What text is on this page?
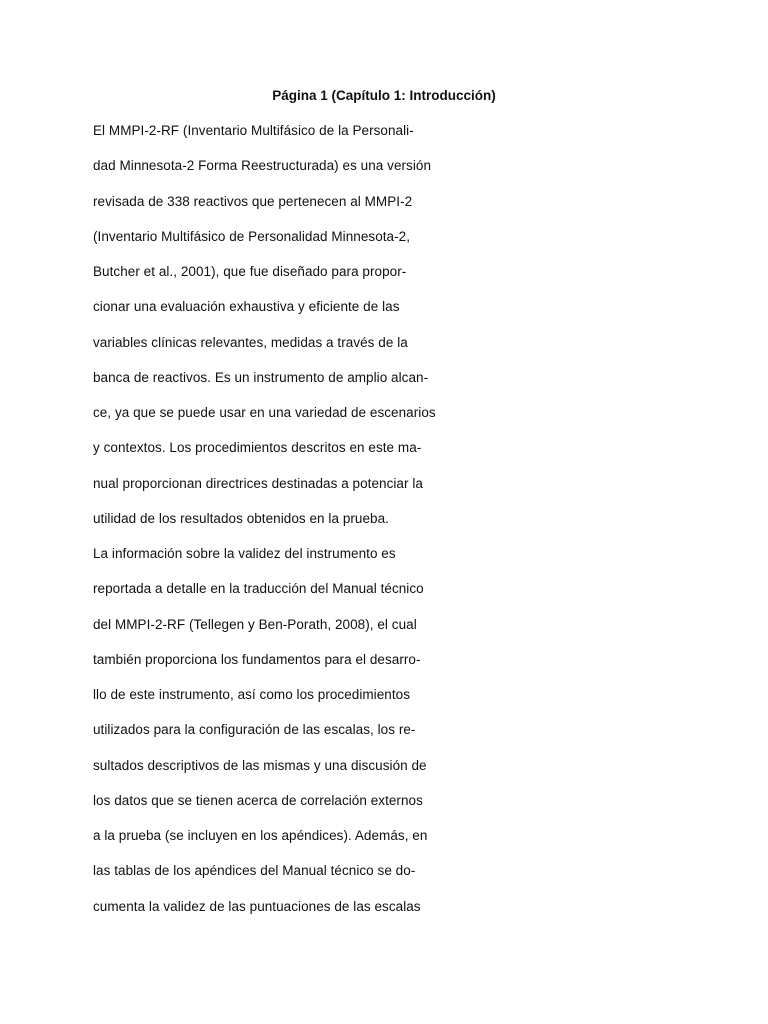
Página 1 (Capítulo 1: Introducción)
El MMPI-2-RF (Inventario Multifásico de la Personali-
dad Minnesota-2 Forma Reestructurada) es una versión
revisada de 338 reactivos que pertenecen al MMPI-2
(Inventario Multifásico de Personalidad Minnesota-2,
Butcher et al., 2001), que fue diseñado para propor-
cionar una evaluación exhaustiva y eficiente de las
variables clínicas relevantes, medidas a través de la
banca de reactivos. Es un instrumento de amplio alcan-
ce, ya que se puede usar en una variedad de escenarios
y contextos. Los procedimientos descritos en este ma-
nual proporcionan directrices destinadas a potenciar la
utilidad de los resultados obtenidos en la prueba.
La información sobre la validez del instrumento es
reportada a detalle en la traducción del Manual técnico
del MMPI-2-RF (Tellegen y Ben-Porath, 2008), el cual
también proporciona los fundamentos para el desarro-
llo de este instrumento, así como los procedimientos
utilizados para la configuración de las escalas, los re-
sultados descriptivos de las mismas y una discusión de
los datos que se tienen acerca de correlación externos
a la prueba (se incluyen en los apéndices). Además, en
las tablas de los apéndices del Manual técnico se do-
cumenta la validez de las puntuaciones de las escalas
